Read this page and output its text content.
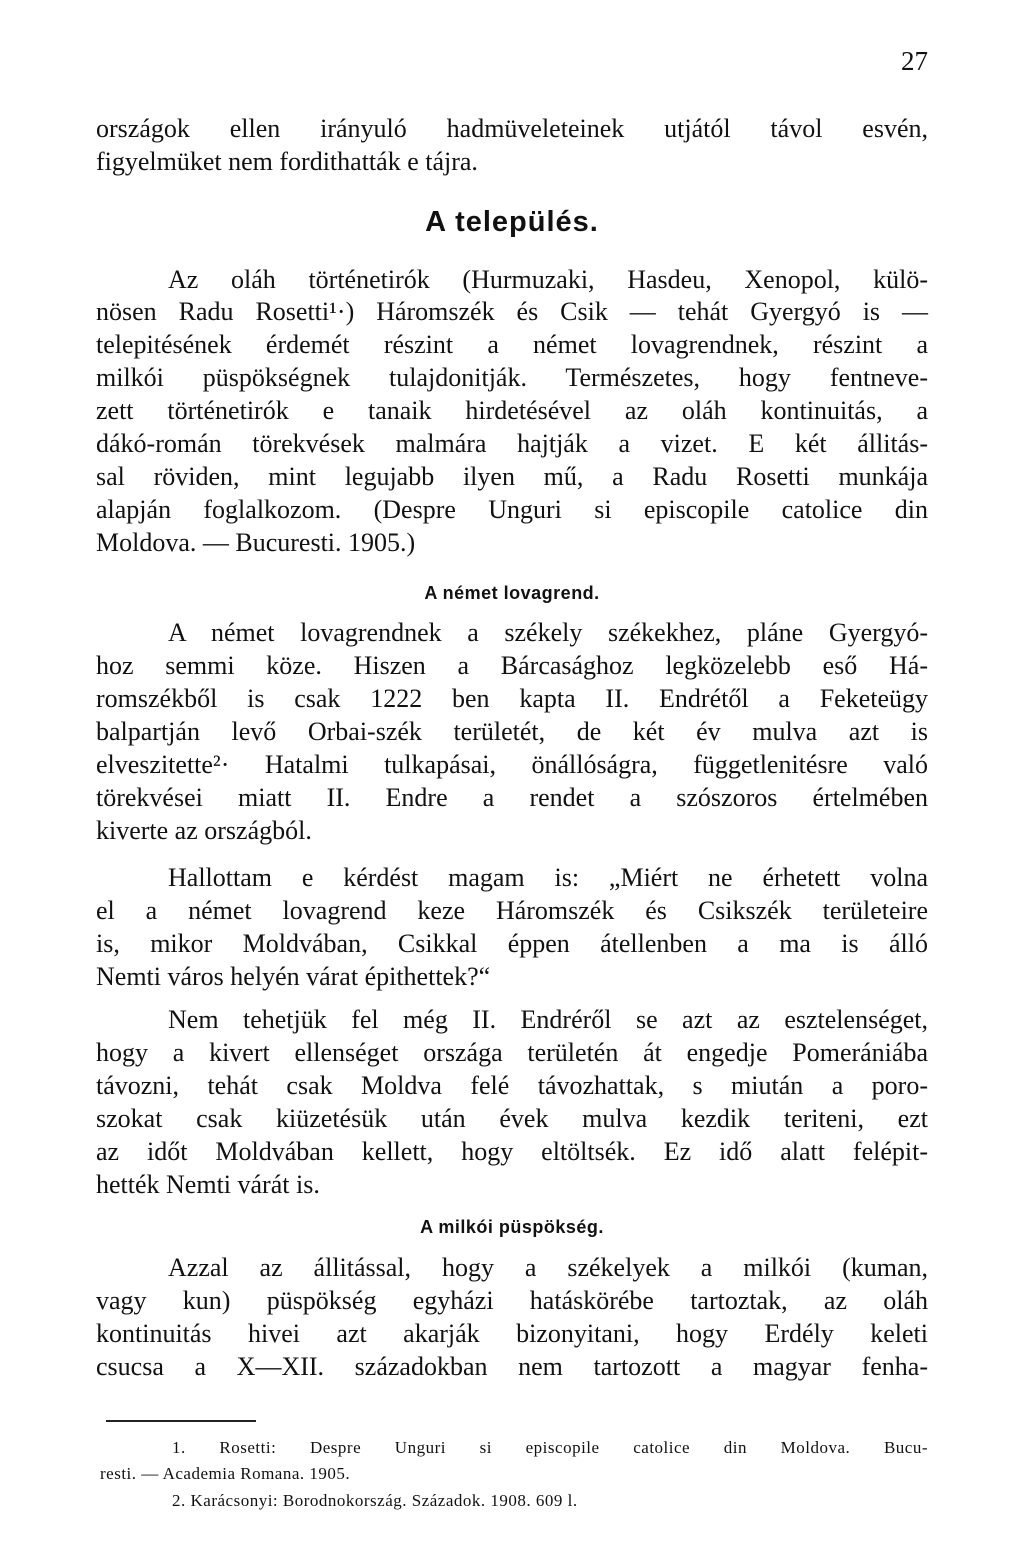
27
országok ellen irányuló hadmüveleteinek utjától távol esvén,
figyelmüket nem fordithatták e tájra.
A település.
Az oláh történetirók (Hurmuzaki, Hasdeu, Xenopol, külö-
nösen Radu Rosetti¹·) Háromszék és Csik — tehát Gyergyó is —
telepitésének érdemét részint a német lovagrendnek, részint a
milkói püspökségnek tulajdonitják. Természetes, hogy fentneve-
zett történetirók e tanaik hirdetésével az oláh kontinuitás, a
dákó-román törekvések malmára hajtják a vizet. E két állitás-
sal röviden, mint legujabb ilyen mű, a Radu Rosetti munkája
alapján foglalkozom. (Despre Unguri si episcopile catolice din
Moldova. — Bucuresti. 1905.)
A német lovagrend.
A német lovagrendnek a székely székekhez, pláne Gyergyó-
hoz semmi köze. Hiszen a Bárcasághoz legközelebb eső Há-
romszékből is csak 1222 ben kapta II. Endrétől a Feketeügy
balpartján levő Orbai-szék területét, de két év mulva azt is
elveszitette²· Hatalmi tulkapásai, önállóságra, függetlenitésre való
törekvései miatt II. Endre a rendet a szószoros értelmében
kiverte az országból.
Hallottam e kérdést magam is: „Miért ne érhetett volna
el a német lovagrend keze Háromszék és Csikszék területeire
is, mikor Moldvában, Csikkal éppen átellenben a ma is álló
Nemti város helyén várat épithettek?“
Nem tehetjük fel még II. Endréről se azt az esztelenséget,
hogy a kivert ellenséget országa területén át engedje Pomerániába
távozni, tehát csak Moldva felé távozhattak, s miután a poro-
szokat csak kiüzetésük után évek mulva kezdik teriteni, ezt
az időt Moldvában kellett, hogy eltöltsék. Ez idő alatt felépit-
hették Nemti várát is.
A milkói püspökség.
Azzal az állitással, hogy a székelyek a milkói (kuman,
vagy kun) püspökség egyházi hatáskörébe tartoztak, az oláh
kontinuitás hivei azt akarják bizonyitani, hogy Erdély keleti
csucsa a X—XII. századokban nem tartozott a magyar fenha-
1. Rosetti: Despre Unguri si episcopile catolice din Moldova. Bucu-
resti. — Academia Romana. 1905.
2. Karácsonyi: Borodnokország. Századok. 1908. 609 l.
